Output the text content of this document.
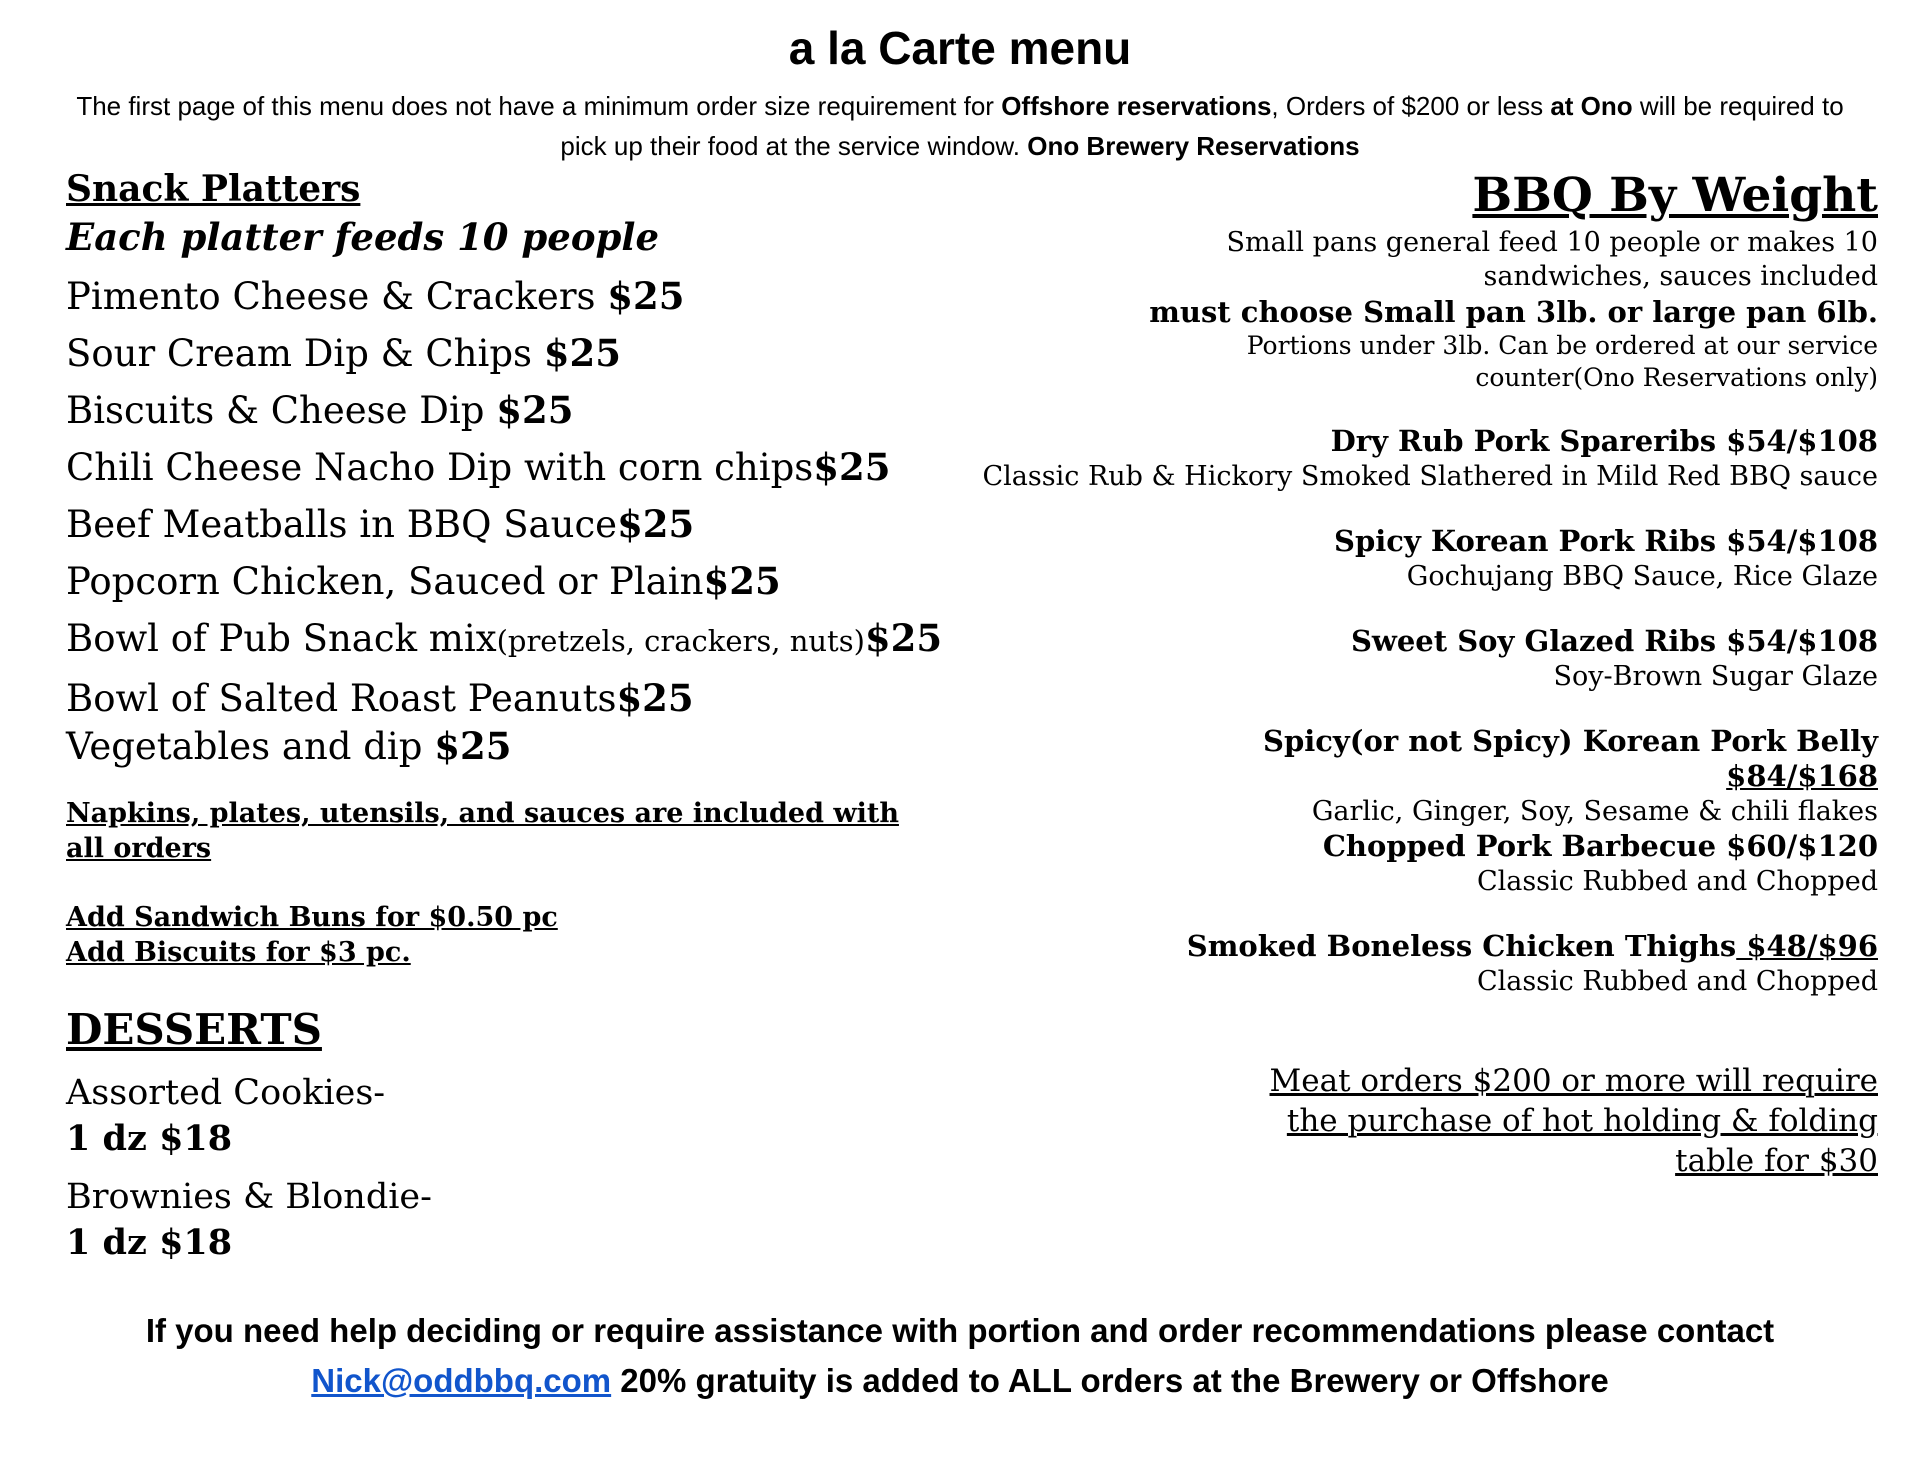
a la Carte menu
The first page of this menu does not have a minimum order size requirement for Offshore reservations, Orders of $200 or less at Ono will be required to pick up their food at the service window. Ono Brewery Reservations
Snack Platters
Each platter feeds 10 people
Pimento Cheese & Crackers $25
Sour Cream Dip & Chips $25
Biscuits & Cheese Dip $25
Chili Cheese Nacho Dip with corn chips$25
Beef Meatballs in BBQ Sauce$25
Popcorn Chicken, Sauced or Plain$25
Bowl of Pub Snack mix(pretzels, crackers, nuts)$25
Bowl of Salted Roast Peanuts$25
Vegetables and dip $25
Napkins, plates, utensils, and sauces are included with all orders
Add Sandwich Buns for $0.50 pc
Add Biscuits for $3 pc.
DESSERTS
Assorted Cookies-
1 dz $18
Brownies & Blondie-
1 dz $18
BBQ By Weight
Small pans general feed 10 people or makes 10 sandwiches, sauces included
must choose Small pan 3lb. or large pan 6lb.
Portions under 3lb. Can be ordered at our service counter(Ono Reservations only)
Dry Rub Pork Spareribs $54/$108
Classic Rub & Hickory Smoked Slathered in Mild Red BBQ sauce
Spicy Korean Pork Ribs $54/$108
Gochujang BBQ Sauce, Rice Glaze
Sweet Soy Glazed Ribs $54/$108
Soy-Brown Sugar Glaze
Spicy(or not Spicy) Korean Pork Belly
$84/$168
Garlic, Ginger, Soy, Sesame & chili flakes
Chopped Pork Barbecue $60/$120
Classic Rubbed and Chopped
Smoked Boneless Chicken Thighs $48/$96
Classic Rubbed and Chopped
Meat orders $200 or more will require the purchase of hot holding & folding table for $30
If you need help deciding or require assistance with portion and order recommendations please contact
Nick@oddbbq.com 20% gratuity is added to ALL orders at the Brewery or Offshore
